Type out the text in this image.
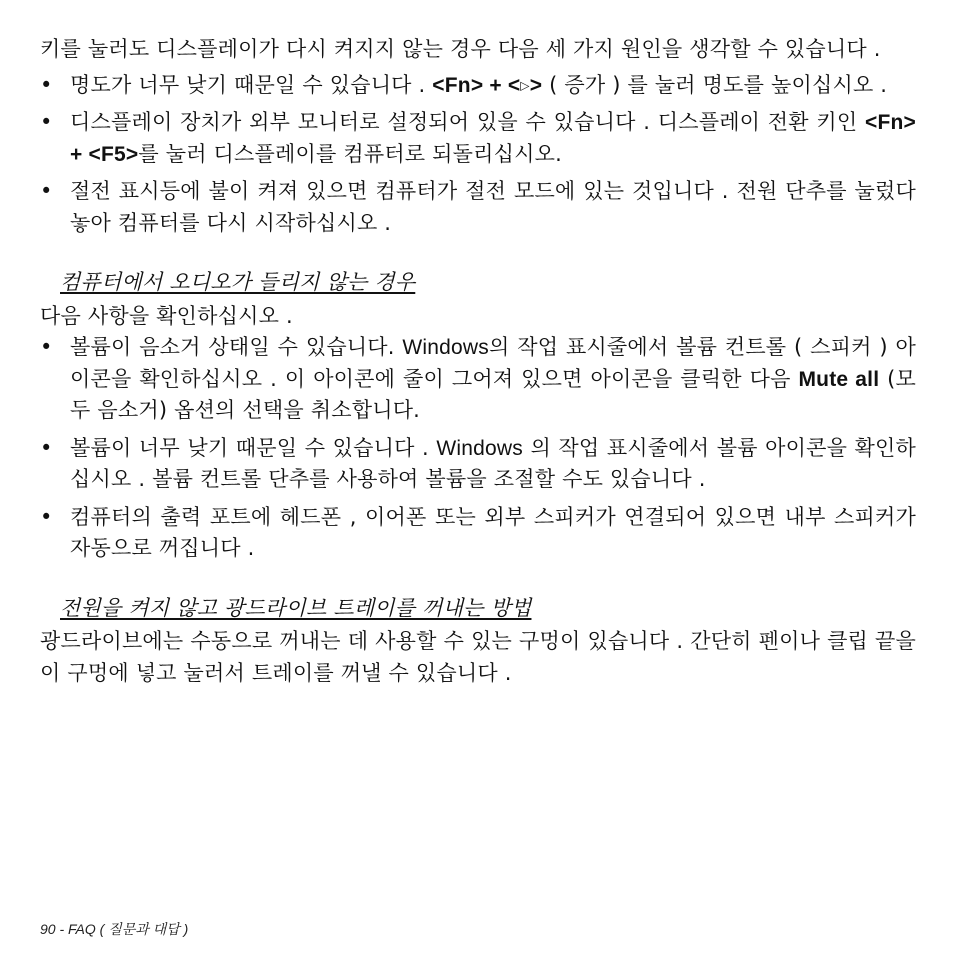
키를 눌러도 디스플레이가 다시 켜지지 않는 경우 다음 세 가지 원인을 생각할 수 있습니다 .

• 명도가 너무 낮기 때문일 수 있습니다 . <Fn> + <▷> ( 증가 ) 를 눌러 명도를 높이십시오 .
• 디스플레이 장치가 외부 모니터로 설정되어 있을 수 있습니다 . 디스플레이 전환 키인 <Fn> + <F5>를 눌러 디스플레이를 컴퓨터로 되돌리십시오.
• 절전 표시등에 불이 켜져 있으면 컴퓨터가 절전 모드에 있는 것입니다 . 전원 단추를 눌렀다 놓아 컴퓨터를 다시 시작하십시오 .

컴퓨터에서 오디오가 들리지 않는 경우

다음 사항을 확인하십시오 .

• 볼륨이 음소거 상태일 수 있습니다. Windows의 작업 표시줄에서 볼륨 컨트롤 ( 스피커 ) 아이콘을 확인하십시오 . 이 아이콘에 줄이 그어져 있으면 아이콘을 클릭한 다음 Mute all (모두 음소거) 옵션의 선택을 취소합니다.
• 볼륨이 너무 낮기 때문일 수 있습니다 . Windows 의 작업 표시줄에서 볼륨 아이콘을 확인하십시오 . 볼륨 컨트롤 단추를 사용하여 볼륨을 조절할 수도 있습니다 .
• 컴퓨터의 출력 포트에 헤드폰 , 이어폰 또는 외부 스피커가 연결되어 있으면 내부 스피커가 자동으로 꺼집니다 .

전원을 켜지 않고 광드라이브 트레이를 꺼내는 방법

광드라이브에는 수동으로 꺼내는 데 사용할 수 있는 구멍이 있습니다 . 간단히 펜이나 클립 끝을 이 구멍에 넣고 눌러서 트레이를 꺼낼 수 있습니다 .

90 - FAQ ( 질문과 대답 )
